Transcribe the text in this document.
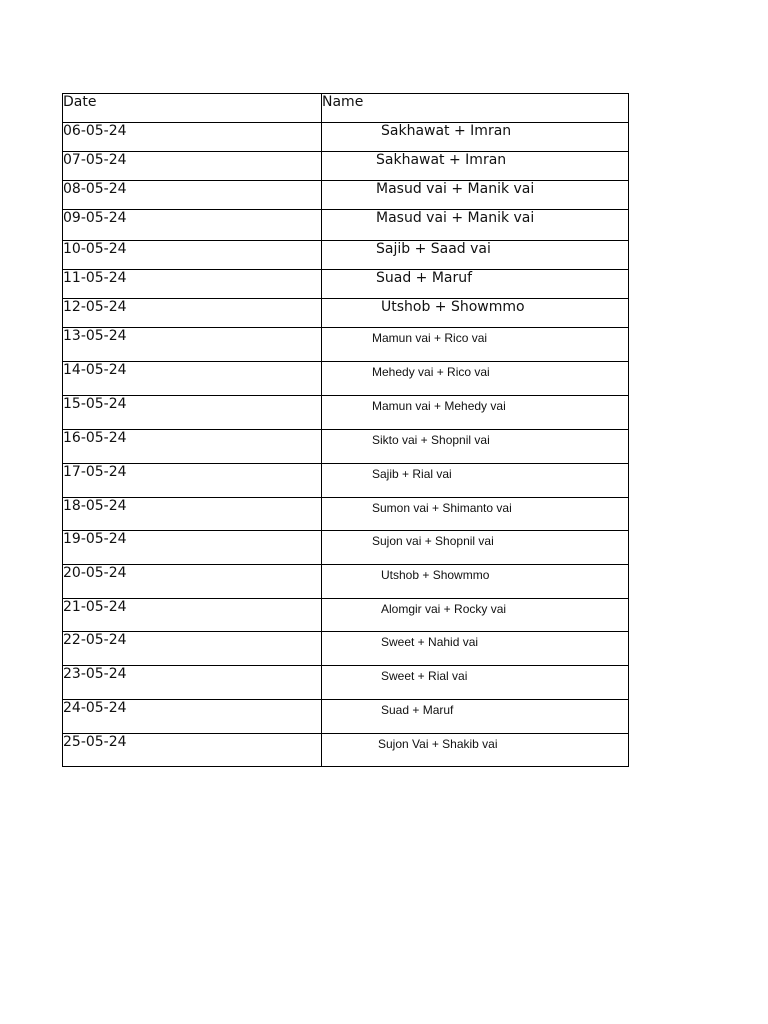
Date	Name
06-05-24	Sakhawat + Imran
07-05-24	Sakhawat + Imran
08-05-24	Masud vai + Manik vai
09-05-24	Masud vai + Manik vai
10-05-24	Sajib + Saad vai
11-05-24	Suad + Maruf
12-05-24	Utshob + Showmmo
13-05-24	Mamun vai + Rico vai
14-05-24	Mehedy vai + Rico vai
15-05-24	Mamun vai + Mehedy vai
16-05-24	Sikto vai + Shopnil vai
17-05-24	Sajib + Rial vai
18-05-24	Sumon vai + Shimanto vai
19-05-24	Sujon vai + Shopnil vai
20-05-24	Utshob + Showmmo
21-05-24	Alomgir vai + Rocky vai
22-05-24	Sweet + Nahid vai
23-05-24	Sweet + Rial vai
24-05-24	Suad + Maruf
25-05-24	Sujon Vai + Shakib vai
